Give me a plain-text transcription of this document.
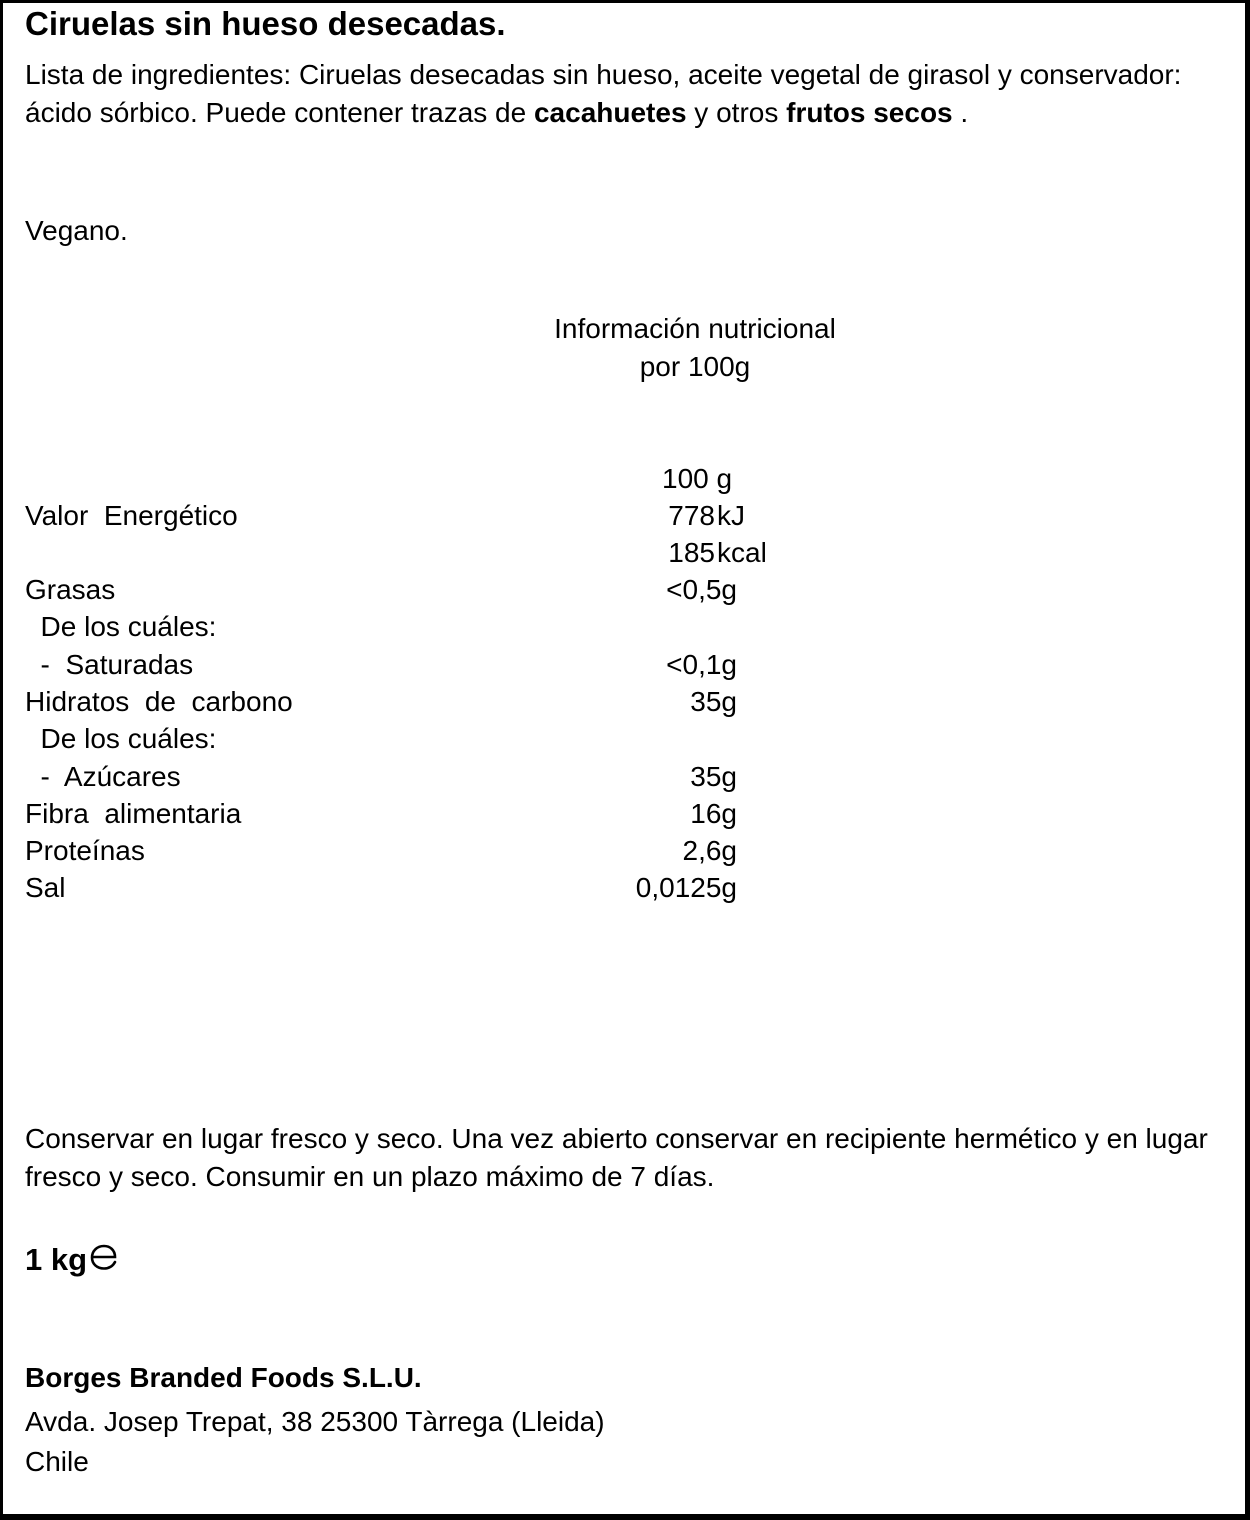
Ciruelas sin hueso desecadas.
Lista de ingredientes: Ciruelas desecadas sin hueso, aceite vegetal de girasol y conservador: ácido sórbico. Puede contener trazas de cacahuetes y otros frutos secos .
Vegano.
Información nutricional
por 100g
100 g
Valor  Energético	778 kJ
185 kcal
Grasas	<0,5g
De los cuáles:
-  Saturadas	<0,1g
Hidratos  de  carbono	35g
De los cuáles:
-  Azúcares	35g
Fibra  alimentaria	16g
Proteínas	2,6g
Sal	0,0125g
Conservar en lugar fresco y seco. Una vez abierto conservar en recipiente hermético y en lugar fresco y seco. Consumir en un plazo máximo de 7 días.
1 kg
Borges Branded Foods S.L.U.
Avda. Josep Trepat, 38 25300 Tàrrega (Lleida)
Chile
